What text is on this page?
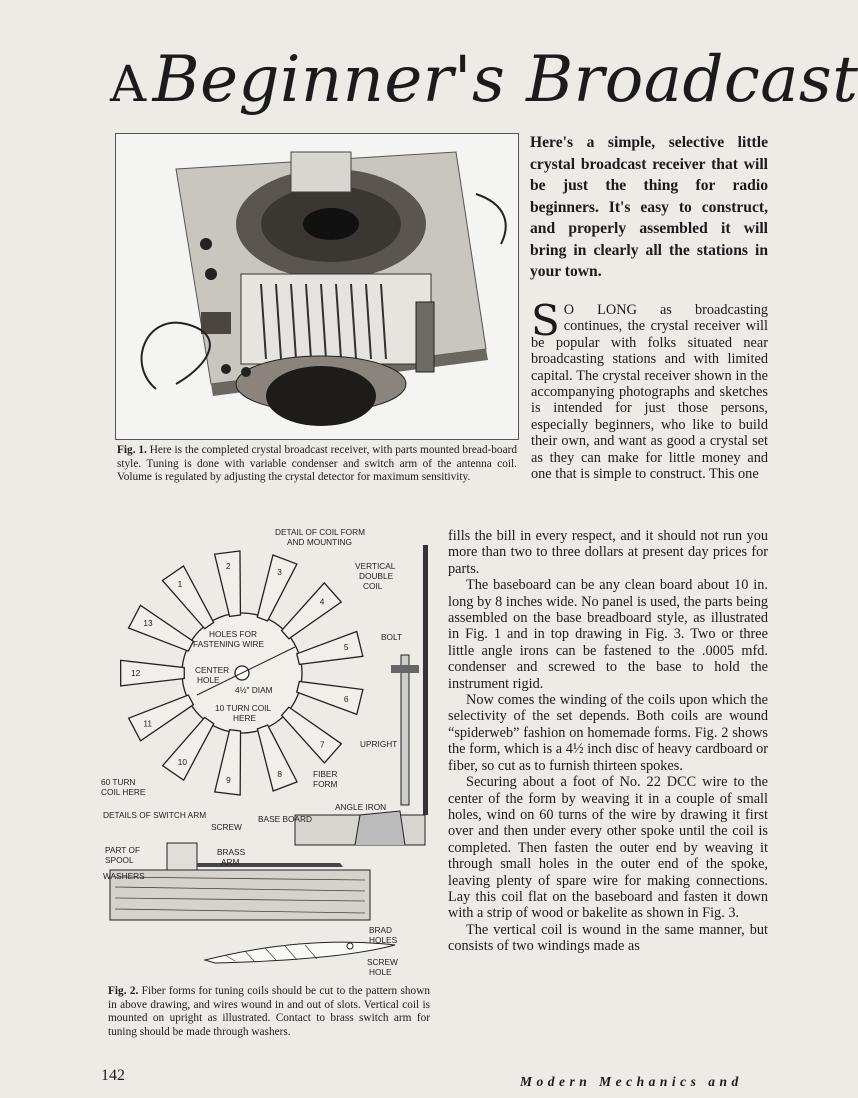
ABeginner's Broadcast
Fig. 1. Here is the completed crystal broadcast receiver, with parts mounted bread-board style. Tuning is done with variable condenser and switch arm of the antenna coil. Volume is regulated by adjusting the crystal detector for maximum sensitivity.
Here's a simple, selective little crystal broadcast receiver that will be just the thing for radio beginners. It's easy to construct, and properly assembled it will bring in clearly all the stations in your town.

S O LONG as broadcasting continues, the crystal receiver will be popular with folks situated near broadcasting stations and with limited capital. The crystal receiver shown in the accompanying photographs and sketches is intended for just those persons, especially beginners, who like to build their own, and want as good a crystal set as they can make for little money and one that is simple to construct. This one

fills the bill in every respect, and it should not run you more than two to three dollars at present day prices for parts.

The baseboard can be any clean board about 10 in. long by 8 inches wide. No panel is used, the parts being assembled on the base breadboard style, as illustrated in Fig. 1 and in top drawing in Fig. 3. Two or three little angle irons can be fastened to the .0005 mfd. condenser and screwed to the base to hold the instrument rigid.

Now comes the winding of the coils upon which the selectivity of the set depends. Both coils are wound “spiderweb” fashion on homemade forms. Fig. 2 shows the form, which is a 4½ inch disc of heavy cardboard or fiber, so cut as to furnish thirteen spokes.

Securing about a foot of No. 22 DCC wire to the center of the form by weaving it in a couple of small holes, wind on 60 turns of the wire by drawing it first over and then under every other spoke until the coil is completed. Then fasten the outer end by weaving it through small holes in the outer end of the spoke, leaving plenty of spare wire for making connections. Lay this coil flat on the baseboard and fasten it down with a strip of wood or bakelite as shown in Fig. 3.

The vertical coil is wound in the same manner, but consists of two windings made as

3
4
5
6
7
8
9
10
11
12
13
1
2
DETAIL OF COIL FORM
AND MOUNTING
VERTICAL
DOUBLE
COIL
BOLT
HOLES FOR
FASTENING WIRE
CENTER
HOLE
4½" DIAM
10 TURN COIL
HERE
UPRIGHT
60 TURN
COIL HERE
FIBER
FORM
ANGLE IRON
DETAILS OF SWITCH ARM	BASE BOARD
SCREW
PART OF
SPOOL
BRASS
ARM
WASHERS
BRAD
HOLES
SCREW
HOLE
Fig. 2. Fiber forms for tuning coils should be cut to the pattern shown in above drawing, and wires wound in and out of slots. Vertical coil is mounted on upright as illustrated. Contact to brass switch arm for tuning should be made through washers.
142	Modern Mechanics and
